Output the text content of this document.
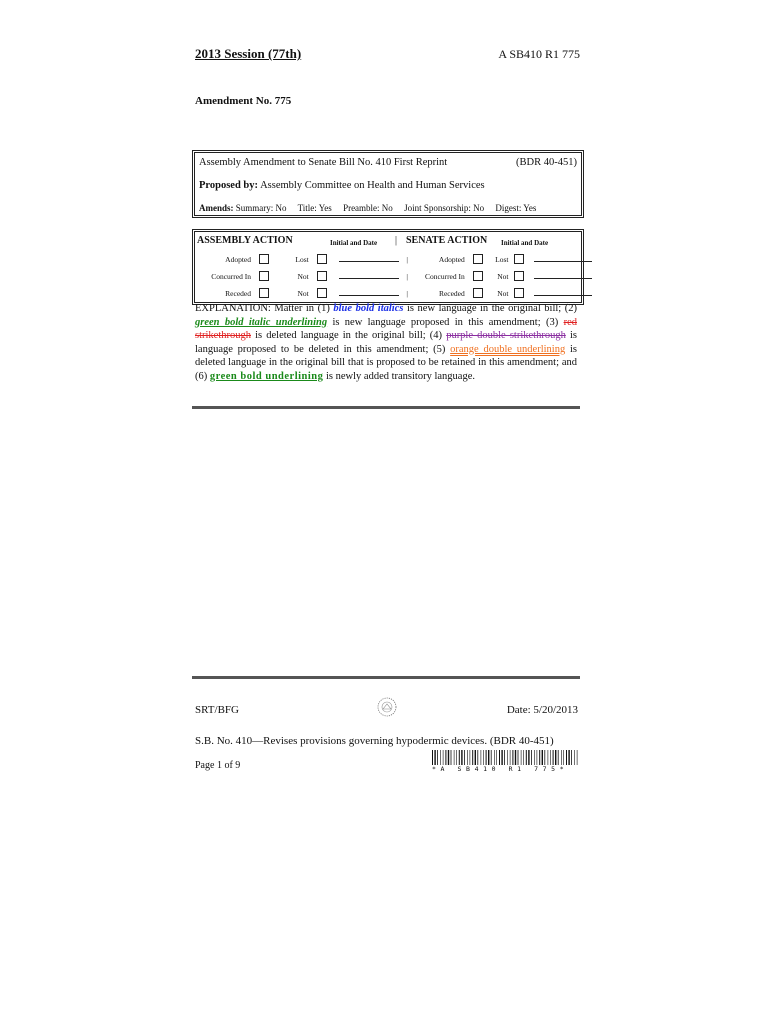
2013 Session (77th)	A SB410 R1 775
Amendment No. 775
Assembly Amendment to Senate Bill No. 410 First Reprint	(BDR 40-451)
Proposed by: Assembly Committee on Health and Human Services
Amends: Summary: No Title: Yes Preamble: No Joint Sponsorship: No Digest: Yes
ASSEMBLY ACTION	Initial and Date | SENATE ACTION Initial and Date
Adopted	Lost	|	Adopted	Lost
Concurred In	Not	| Concurred In	Not
Receded	Not	|	Receded	Not
EXPLANATION: Matter in (1) blue bold italics is new language in the original bill; (2) green bold italic underlining is new language proposed in this amendment; (3) red strikethrough is deleted language in the original bill; (4) purple double strikethrough is language proposed to be deleted in this amendment; (5) orange double underlining is deleted language in the original bill that is proposed to be retained in this amendment; and (6) green bold underlining is newly added transitory language.
SRT/BFG	Date: 5/20/2013
S.B. No. 410—Revises provisions governing hypodermic devices. (BDR 40-451)
Page 1 of 9	*A SB410 R1 775*
